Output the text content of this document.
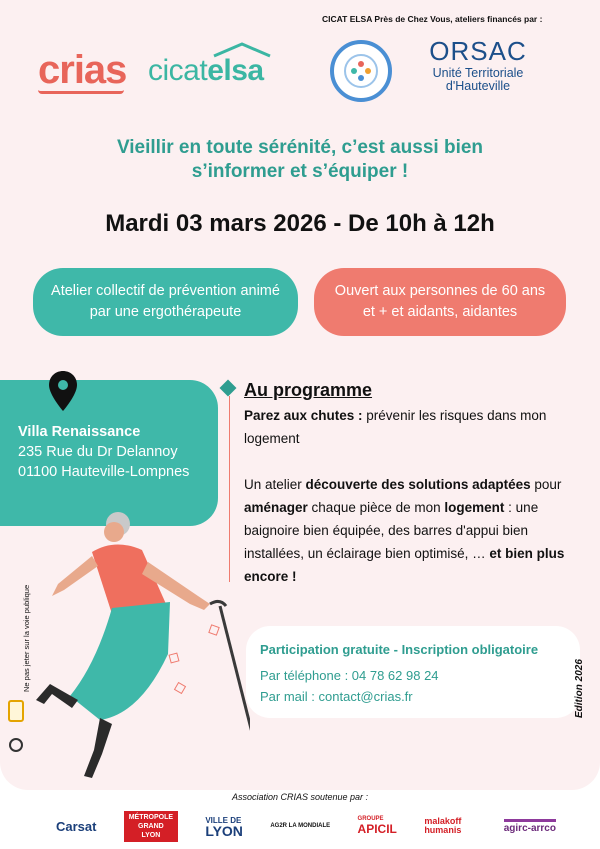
CICAT ELSA Près de Chez Vous, ateliers financés par :
crias cicatelsa
ORSAC
Unité Territoriale
d'Hauteville
Vieillir en toute sérénité, c’est aussi bien
s’informer et s’équiper !
Mardi 03 mars 2026 - De 10h à 12h
Atelier collectif de prévention animé par une ergothérapeute
Ouvert aux personnes de 60 ans et + et aidants, aidantes
Villa Renaissance
235 Rue du Dr Delannoy
01100 Hauteville-Lompnes
Au programme

Parez aux chutes : prévenir les risques dans mon logement

Un atelier découverte des solutions adaptées pour aménager chaque pièce de mon logement : une baignoire bien équipée, des barres d'appui bien installées, un éclairage bien optimisé, … et bien plus encore !

Participation gratuite - Inscription obligatoire
Par téléphone : 04 78 62 98 24
Par mail : contact@crias.fr	Edition 2026
Ne pas jeter sur la voie publique
Association CRIAS soutenue par :
Carsat
MÉTROPOLE GRAND LYON
VILLE DE
LYON	AG2R LA MONDIALE
GROUPE
APICIL
malakoff humanis	agirc-arrco
